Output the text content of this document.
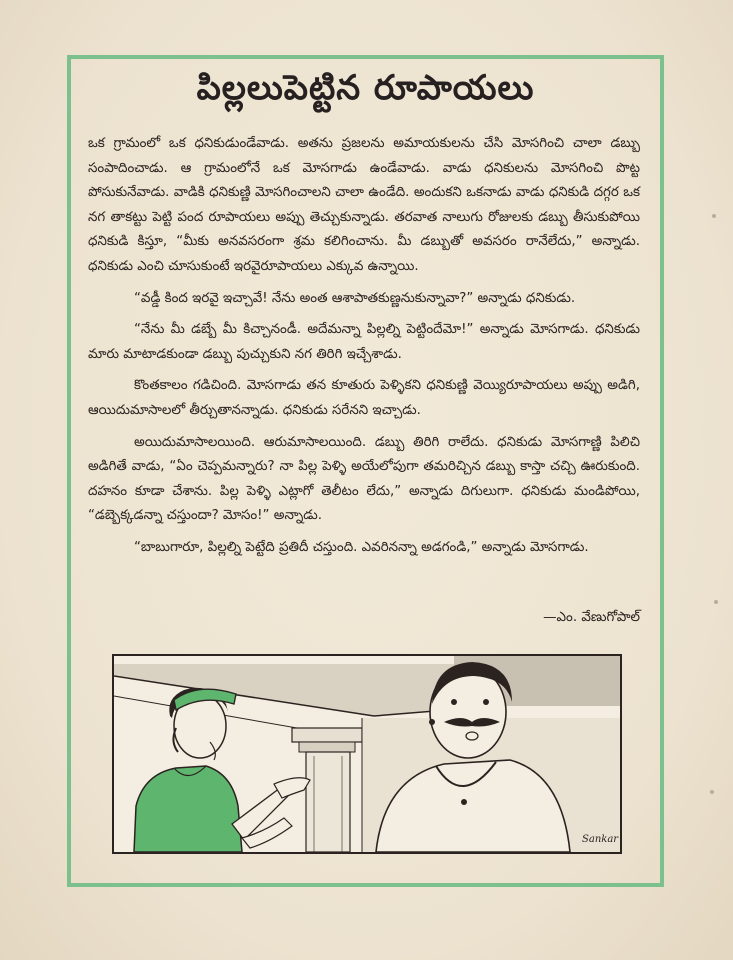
పిల్లలుపెట్టిన రూపాయలు

ఒక గ్రామంలో ఒక ధనికుడుండేవాడు. అతను ప్రజలను అమాయకులను చేసి మోసగించి చాలా డబ్బు సంపాదించాడు. ఆ గ్రామంలోనే ఒక మోసగాడు ఉండేవాడు. వాడు ధనికులను మోసగించి పొట్ట పోసుకునేవాడు. వాడికి ధనికుణ్ణి మోసగించాలని చాలా ఉండేది. అందుకని ఒకనాడు వాడు ధనికుడి దగ్గర ఒక నగ తాకట్టు పెట్టి పంద రూపాయలు అప్పు తెచ్చుకున్నాడు. తరవాత నాలుగు రోజులకు డబ్బు తీసుకుపోయి ధనికుడి కిస్తూ, “మీకు అనవసరంగా శ్రమ కలిగించాను. మీ డబ్బుతో అవసరం రానేలేదు,” అన్నాడు. ధనికుడు ఎంచి చూసుకుంటే ఇరవైరూపాయలు ఎక్కువ ఉన్నాయి.

“వడ్డీ కింద ఇరవై ఇచ్చావే! నేను అంత ఆశాపాతకుణ్ణనుకున్నావా?” అన్నాడు ధనికుడు.

“నేను మీ డబ్బే మీ కిచ్చానండీ. అదేమన్నా పిల్లల్ని పెట్టిందేమో!” అన్నాడు మోసగాడు. ధనికుడు మారు మాటాడకుండా డబ్బు పుచ్చుకుని నగ తిరిగి ఇచ్చేశాడు.

కొంతకాలం గడిచింది. మోసగాడు తన కూతురు పెళ్ళికని ధనికుణ్ణి వెయ్యిరూపాయలు అప్పు అడిగి, ఆయిదుమాసాలలో తీర్చుతానన్నాడు. ధనికుడు సరేనని ఇచ్చాడు.

అయిదుమాసాలయింది. ఆరుమాసాలయింది. డబ్బు తిరిగి రాలేదు. ధనికుడు మోసగాణ్ణి పిలిచి అడిగితే వాడు, “ఏం చెప్పమన్నారు? నా పిల్ల పెళ్ళి అయేలోపుగా తమరిచ్చిన డబ్బు కాస్తా చచ్చి ఊరుకుంది. దహనం కూడా చేశాను. పిల్ల పెళ్ళి ఎట్లాగో తెలీటం లేదు,” అన్నాడు దిగులుగా. ధనికుడు మండిపోయి, “డబ్బెక్కడన్నా చస్తుందా? మోసం!” అన్నాడు.

“బాబుగారూ, పిల్లల్ని పెట్టేది ప్రతిదీ చస్తుంది. ఎవరినన్నా అడగండి,” అన్నాడు మోసగాడు.

—ఎం. వేణుగోపాల్
Sankar
